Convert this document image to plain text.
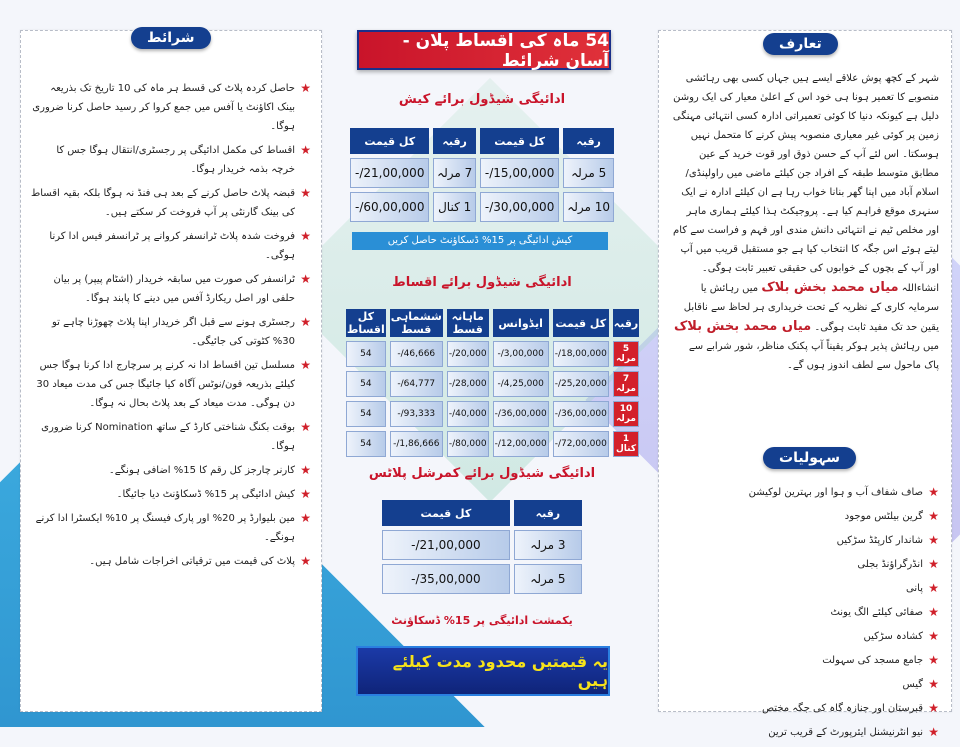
شرائط
★
حاصل کردہ پلاٹ کی قسط ہر ماہ کی 10 تاریخ تک بذریعہ بینک اکاؤنٹ یا آفس میں جمع کروا کر رسید حاصل کرنا ضروری ہوگا۔
★
اقساط کی مکمل ادائیگی پر رجسٹری/انتقال ہوگا جس کا خرچہ بذمہ خریدار ہوگا۔
★
قبضہ پلاٹ حاصل کرنے کے بعد ہی فنڈ نہ ہوگا بلکہ بقیہ اقساط کی بینک گارنٹی پر آپ فروخت کر سکتے ہیں۔
★
فروخت شدہ پلاٹ ٹرانسفر کروانے پر ٹرانسفر فیس ادا کرنا ہوگی۔
★
ٹرانسفر کی صورت میں سابقہ خریدار (اشٹام پیپر) پر بیان حلفی اور اصل ریکارڈ آفس میں دینے کا پابند ہوگا۔
★
رجسٹری ہونے سے قبل اگر خریدار اپنا پلاٹ چھوڑنا چاہے تو 30% کٹوتی کی جائیگی۔
★
مسلسل تین اقساط ادا نہ کرنے پر سرچارج ادا کرنا ہوگا جس کیلئے بذریعہ فون/نوٹس آگاہ کیا جائیگا جس کی مدت میعاد 30 دن ہوگی۔ مدت میعاد کے بعد پلاٹ بحال نہ ہوگا۔
★
بوقت بکنگ شناختی کارڈ کے ساتھ Nomination کرنا ضروری ہوگا۔
★
کارنر چارجز کل رقم کا 15% اضافی ہونگے۔
★
کیش ادائیگی پر 15% ڈسکاؤنٹ دیا جائیگا۔
★
مین بلیوارڈ پر 20% اور پارک فیسنگ پر 10% ایکسٹرا ادا کرنے ہونگے۔
★
پلاٹ کی قیمت میں ترقیاتی اخراجات شامل ہیں۔
54 ماہ کی اقساط پلان - آسان شرائط
ادائیگی شیڈول برائے کیش
رقبہ	کل قیمت	رقبہ	کل قیمت
5 مرلہ	15,00,000/-	7 مرلہ	21,00,000/-
10 مرلہ	30,00,000/-	1 کنال	60,00,000/-
کیش ادائیگی پر 15% ڈسکاؤنٹ حاصل کریں
ادائیگی شیڈول برائے اقساط
رقبہ	کل قیمت	ایڈوانس	ماہانہ قسط	ششماہی قسط	کل اقساط
5 مرلہ	18,00,000/-	3,00,000/-	20,000/-	46,666/-	54
7 مرلہ	25,20,000/-	4,25,000/-	28,000/-	64,777/-	54
10 مرلہ	36,00,000/-	36,00,000/-	40,000/-	93,333/-	54
1 کنال	72,00,000/-	12,00,000/-	80,000/-	1,86,666/-	54
ادائیگی شیڈول برائے کمرشل پلاٹس
رقبہ	کل قیمت
3 مرلہ	21,00,000/-
5 مرلہ	35,00,000/-
یکمشت ادائیگی پر 15% ڈسکاؤنٹ
یہ قیمتیں محدود مدت کیلئے ہیں
تعارف
شہر کے کچھ پوش علاقے ایسے ہیں جہاں کسی بھی رہائشی منصوبے کا تعمیر ہونا ہی خود اس کے اعلیٰ معیار کی ایک روشن دلیل ہے کیونکہ دنیا کا کوئی تعمیراتی ادارہ کسی انتہائی مہنگی زمین پر کوئی غیر معیاری منصوبہ پیش کرنے کا متحمل نہیں ہوسکتا۔ اس لئے آپ کے حسن ذوق اور قوت خرید کے عین مطابق متوسط طبقہ کے افراد جن کیلئے ماضی میں راولپنڈی/اسلام آباد میں اپنا گھر بنانا خواب رہا ہے ان کیلئے ادارہ نے ایک سنہری موقع فراہم کیا ہے۔ پروجیکٹ ہذا کیلئے ہماری ماہر اور مخلص ٹیم نے انتہائی دانش مندی اور فہم و فراست سے کام لیتے ہوئے اس جگہ کا انتخاب کیا ہے جو مستقبل قریب میں آپ اور آپ کے بچوں کے خوابوں کی حقیقی تعبیر ثابت ہوگی۔ انشاءاللہ میاں محمد بخش بلاک میں رہائش یا سرمایہ کاری کے نظریہ کے تحت خریداری ہر لحاظ سے ناقابل یقین حد تک مفید ثابت ہوگی۔ میاں محمد بخش بلاک میں رہائش پذیر ہوکر یقیناً آپ پکنک مناظر، شور شرابے سے پاک ماحول سے لطف اندوز ہوں گے۔
سہولیات
★
صاف شفاف آب و ہوا اور بہترین لوکیشن
★
گرین بیلٹس موجود
★
شاندار کارپٹڈ سڑکیں
★
انڈرگراؤنڈ بجلی
★
پانی
★
صفائی کیلئے الگ یونٹ
★
کشادہ سڑکیں
★
جامع مسجد کی سہولت
★
گیس
★
قبرستان اور جنازہ گاہ کی جگہ مختص
★
نیو انٹرنیشنل ایئرپورٹ کے قریب ترین
